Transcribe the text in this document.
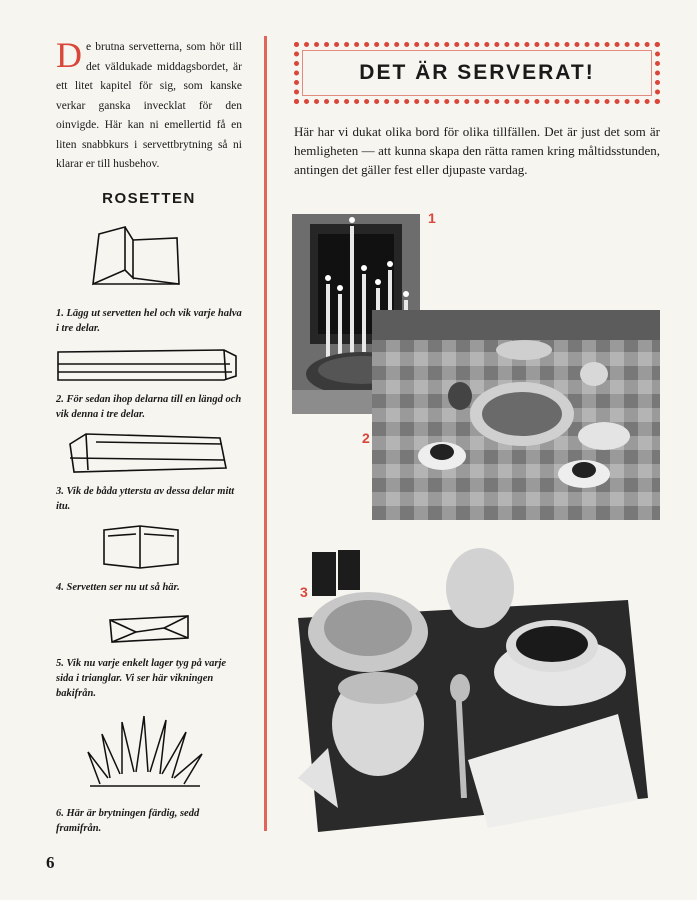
De brutna servetterna, som hör till det väldukade middagsbordet, är ett litet kapitel för sig, som kanske verkar ganska invecklat för den oinvigde. Här kan ni emellertid få en liten snabbkurs i servettbrytning så ni klarar er till husbehov.
ROSETTEN
1. Lägg ut servetten hel och vik varje halva i tre delar.
2. För sedan ihop delarna till en längd och vik denna i tre delar.
3. Vik de båda yttersta av dessa delar mitt itu.
4. Servetten ser nu ut så här.
5. Vik nu varje enkelt lager tyg på varje sida i trianglar. Vi ser här vikningen bakifrån.
6. Här är brytningen färdig, sedd framifrån.
6
DET ÄR SERVERAT!
Här har vi dukat olika bord för olika tillfällen. Det är just det som är hemligheten — att kunna skapa den rätta ramen kring måltidsstunden, antingen det gäller fest eller djupaste vardag.
1
2
3
